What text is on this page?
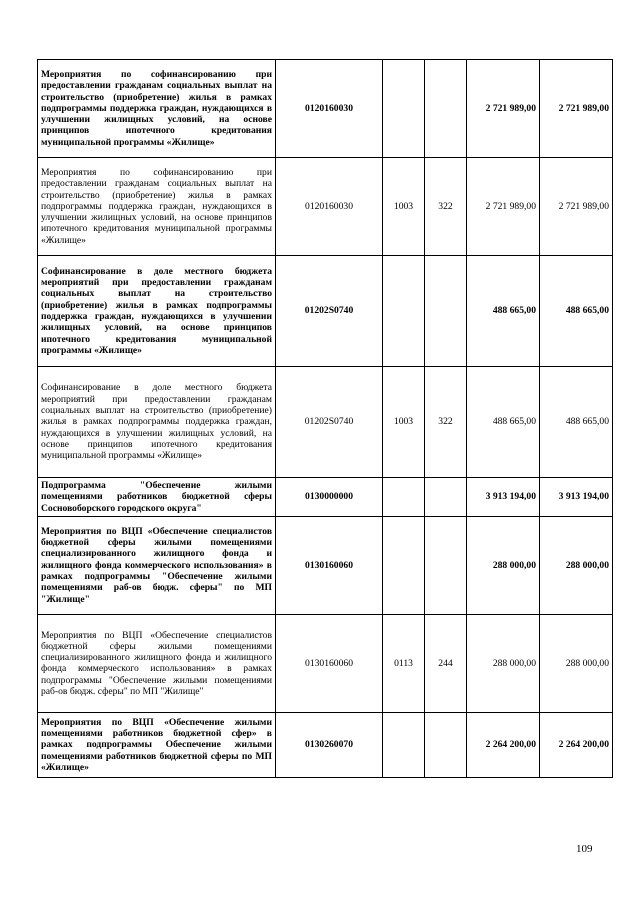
Мероприятия по софинансированию при предоставлении гражданам социальных выплат на строительство (приобретение) жилья в рамках подпрограммы поддержка граждан, нуждающихся в улучшении жилищных условий, на основе принципов ипотечного кредитования муниципальной программы «Жилище»	0120160030			2 721 989,00	2 721 989,00
Мероприятия по софинансированию при предоставлении гражданам социальных выплат на строительство (приобретение) жилья в рамках подпрограммы поддержка граждан, нуждающихся в улучшении жилищных условий, на основе принципов ипотечного кредитования муниципальной программы «Жилище»	0120160030	1003	322	2 721 989,00	2 721 989,00
Софинансирование в доле местного бюджета мероприятий при предоставлении гражданам социальных выплат на строительство (приобретение) жилья в рамках подпрограммы поддержка граждан, нуждающихся в улучшении жилищных условий, на основе принципов ипотечного кредитования муниципальной программы «Жилище»	01202S0740			488 665,00	488 665,00
Софинансирование в доле местного бюджета мероприятий при предоставлении гражданам социальных выплат на строительство (приобретение) жилья в рамках подпрограммы поддержка граждан, нуждающихся в улучшении жилищных условий, на основе принципов ипотечного кредитования муниципальной программы «Жилище»	01202S0740	1003	322	488 665,00	488 665,00
Подпрограмма "Обеспечение жилыми помещениями работников бюджетной сферы Сосновоборского городского округа"	0130000000			3 913 194,00	3 913 194,00
Мероприятия по ВЦП «Обеспечение специалистов бюджетной сферы жилыми помещениями специализированного жилищного фонда и жилищного фонда коммерческого использования» в рамках подпрограммы "Обеспечение жилыми помещениями раб-ов бюдж. сферы" по МП "Жилище"	0130160060			288 000,00	288 000,00
Мероприятия по ВЦП «Обеспечение специалистов бюджетной сферы жилыми помещениями специализированного жилищного фонда и жилищного фонда коммерческого использования» в рамках подпрограммы "Обеспечение жилыми помещениями раб-ов бюдж. сферы" по МП "Жилище"	0130160060	0113	244	288 000,00	288 000,00
Мероприятия по ВЦП «Обеспечение жилыми помещениями работников бюджетной сфер» в рамках подпрограммы Обеспечение жилыми помещениями работников бюджетной сферы по МП «Жилище»	0130260070			2 264 200,00	2 264 200,00
109
